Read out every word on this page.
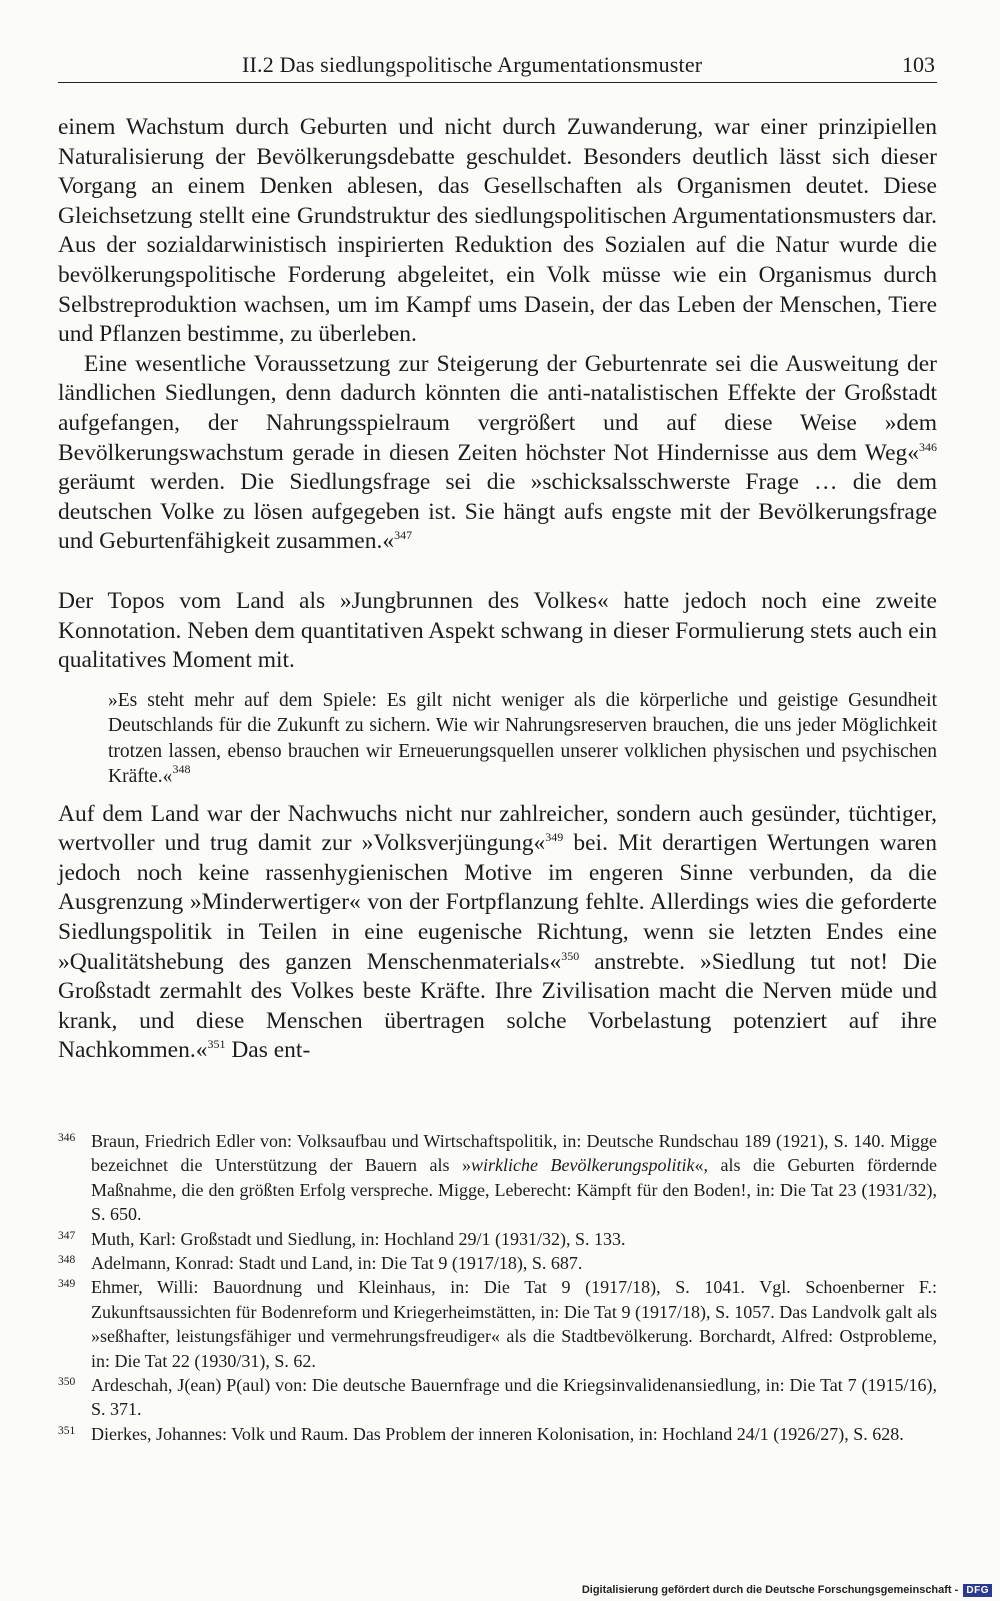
II.2 Das siedlungspolitische Argumentationsmuster	103

einem Wachstum durch Geburten und nicht durch Zuwanderung, war einer prinzipiellen Naturalisierung der Bevölkerungsdebatte geschuldet. Besonders deutlich lässt sich dieser Vorgang an einem Denken ablesen, das Gesellschaften als Organismen deutet. Diese Gleichsetzung stellt eine Grundstruktur des siedlungspolitischen Argumentationsmusters dar. Aus der sozialdarwinistisch inspirierten Reduktion des Sozialen auf die Natur wurde die bevölkerungspolitische Forderung abgeleitet, ein Volk müsse wie ein Organismus durch Selbstreproduktion wachsen, um im Kampf ums Dasein, der das Leben der Menschen, Tiere und Pflanzen bestimme, zu überleben.

Eine wesentliche Voraussetzung zur Steigerung der Geburtenrate sei die Ausweitung der ländlichen Siedlungen, denn dadurch könnten die anti-natalistischen Effekte der Großstadt aufgefangen, der Nahrungsspielraum vergrößert und auf diese Weise »dem Bevölkerungswachstum gerade in diesen Zeiten höchster Not Hindernisse aus dem Weg«$^{346}$ geräumt werden. Die Siedlungsfrage sei die »schicksalsschwerste Frage … die dem deutschen Volke zu lösen aufgegeben ist. Sie hängt aufs engste mit der Bevölkerungsfrage und Geburtenfähigkeit zusammen.«$^{347}$

Der Topos vom Land als »Jungbrunnen des Volkes« hatte jedoch noch eine zweite Konnotation. Neben dem quantitativen Aspekt schwang in dieser Formulierung stets auch ein qualitatives Moment mit.

»Es steht mehr auf dem Spiele: Es gilt nicht weniger als die körperliche und geistige Gesundheit Deutschlands für die Zukunft zu sichern. Wie wir Nahrungsreserven brauchen, die uns jeder Möglichkeit trotzen lassen, ebenso brauchen wir Erneuerungsquellen unserer volklichen physischen und psychischen Kräfte.«$^{348}$

Auf dem Land war der Nachwuchs nicht nur zahlreicher, sondern auch gesünder, tüchtiger, wertvoller und trug damit zur »Volksverjüngung«$^{349}$ bei. Mit derartigen Wertungen waren jedoch noch keine rassenhygienischen Motive im engeren Sinne verbunden, da die Ausgrenzung »Minderwertiger« von der Fortpflanzung fehlte. Allerdings wies die geforderte Siedlungspolitik in Teilen in eine eugenische Richtung, wenn sie letzten Endes eine »Qualitätshebung des ganzen Menschenmaterials«$^{350}$ anstrebte. »Siedlung tut not! Die Großstadt zermahlt des Volkes beste Kräfte. Ihre Zivilisation macht die Nerven müde und krank, und diese Menschen übertragen solche Vorbelastung potenziert auf ihre Nachkommen.«$^{351}$ Das ent-

346 Braun, Friedrich Edler von: Volksaufbau und Wirtschaftspolitik, in: Deutsche Rundschau 189 (1921), S. 140. Migge bezeichnet die Unterstützung der Bauern als »wirkliche Bevölkerungspolitik«, als die Geburten fördernde Maßnahme, die den größten Erfolg verspreche. Migge, Leberecht: Kämpft für den Boden!, in: Die Tat 23 (1931/32), S. 650.
347 Muth, Karl: Großstadt und Siedlung, in: Hochland 29/1 (1931/32), S. 133.
348 Adelmann, Konrad: Stadt und Land, in: Die Tat 9 (1917/18), S. 687.
349 Ehmer, Willi: Bauordnung und Kleinhaus, in: Die Tat 9 (1917/18), S. 1041. Vgl. Schoenberner F.: Zukunftsaussichten für Bodenreform und Kriegerheimstätten, in: Die Tat 9 (1917/18), S. 1057. Das Landvolk galt als »seßhafter, leistungsfähiger und vermehrungsfreudiger« als die Stadtbevölkerung. Borchardt, Alfred: Ostprobleme, in: Die Tat 22 (1930/31), S. 62.
350 Ardeschah, J(ean) P(aul) von: Die deutsche Bauernfrage und die Kriegsinvalidenansiedlung, in: Die Tat 7 (1915/16), S. 371.
351 Dierkes, Johannes: Volk und Raum. Das Problem der inneren Kolonisation, in: Hochland 24/1 (1926/27), S. 628.
Digitalisierung gefördert durch die Deutsche Forschungsgemeinschaft - DFG
